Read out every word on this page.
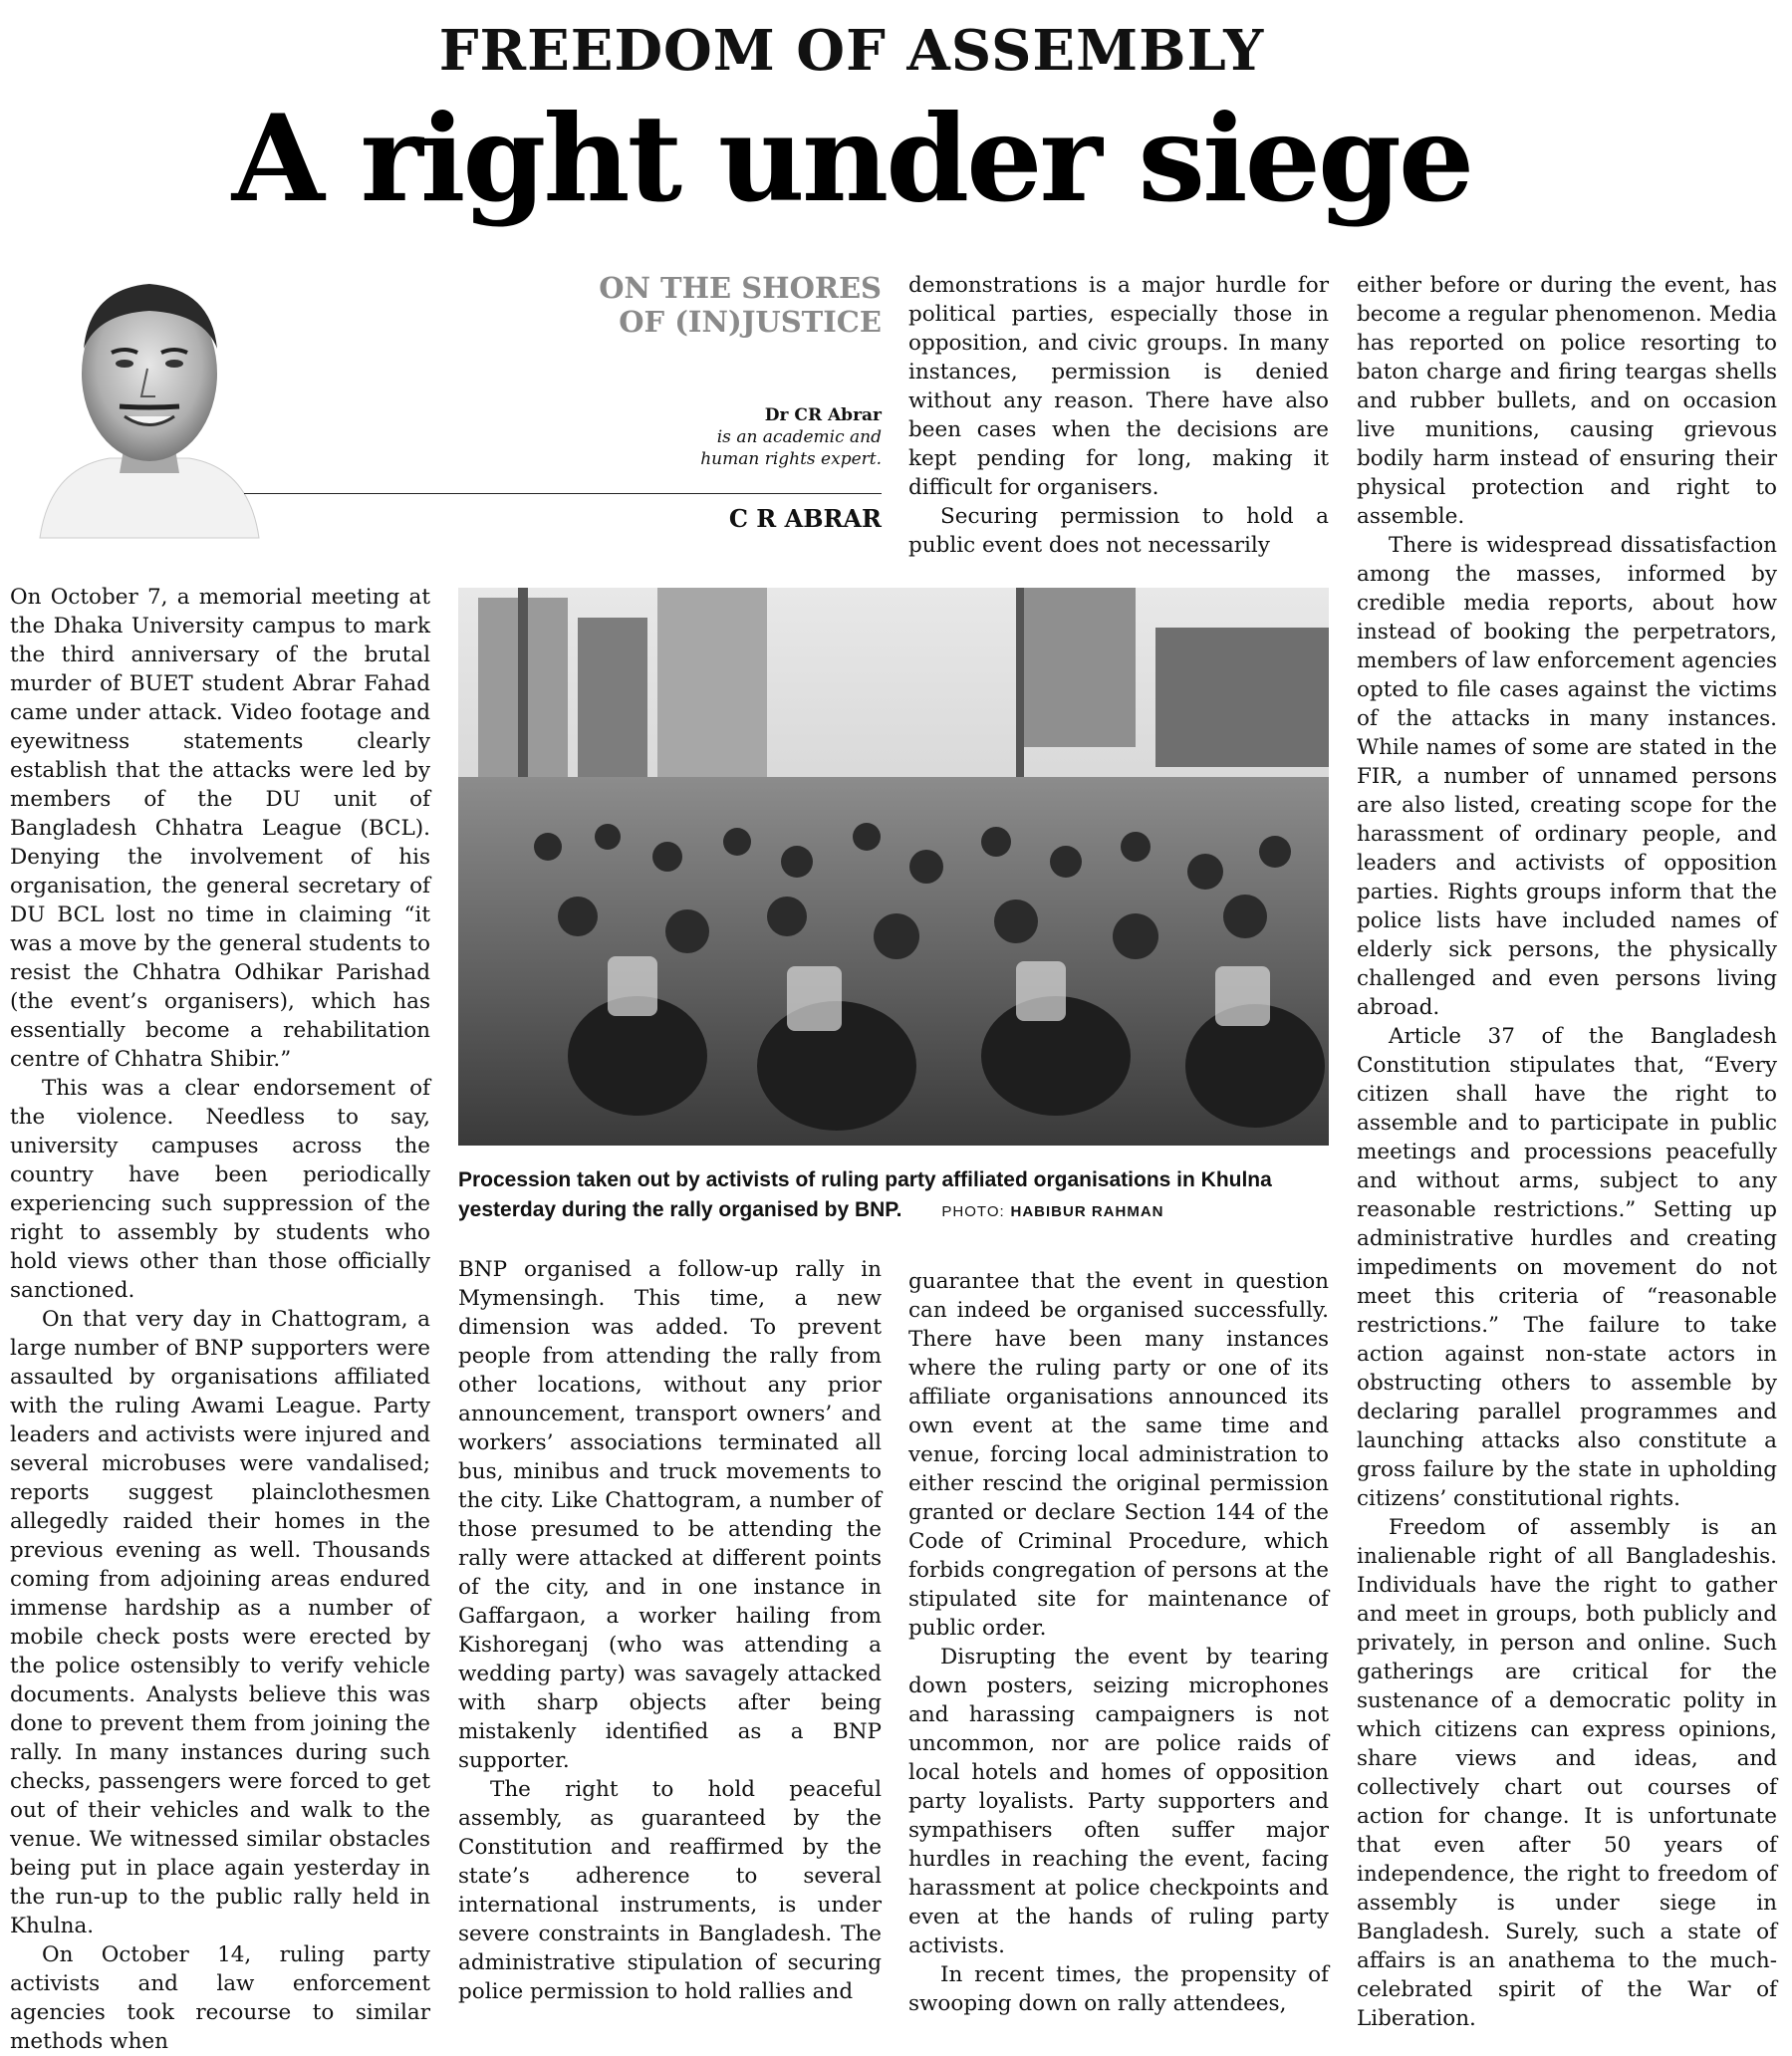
FREEDOM OF ASSEMBLY
A right under siege
ON THE SHORES OF (IN)JUSTICE
Dr CR Abrar
is an academic and
human rights expert.
C R ABRAR

On October 7, a memorial meeting at the Dhaka University campus to mark the third anniversary of the brutal murder of BUET student Abrar Fahad came under attack. Video footage and eyewitness statements clearly establish that the attacks were led by members of the DU unit of Bangladesh Chhatra League (BCL). Denying the involvement of his organisation, the general secretary of DU BCL lost no time in claiming “it was a move by the general students to resist the Chhatra Odhikar Parishad (the event’s organisers), which has essentially become a rehabilitation centre of Chhatra Shibir.”

This was a clear endorsement of the violence. Needless to say, university campuses across the country have been periodically experiencing such suppression of the right to assembly by students who hold views other than those officially sanctioned.

On that very day in Chattogram, a large number of BNP supporters were assaulted by organisations affiliated with the ruling Awami League. Party leaders and activists were injured and several microbuses were vandalised; reports suggest plainclothesmen allegedly raided their homes in the previous evening as well. Thousands coming from adjoining areas endured immense hardship as a number of mobile check posts were erected by the police ostensibly to verify vehicle documents. Analysts believe this was done to prevent them from joining the rally. In many instances during such checks, passengers were forced to get out of their vehicles and walk to the venue. We witnessed similar obstacles being put in place again yesterday in the run-up to the public rally held in Khulna.

On October 14, ruling party activists and law enforcement agencies took recourse to similar methods when

demonstrations is a major hurdle for political parties, especially those in opposition, and civic groups. In many instances, permission is denied without any reason. There have also been cases when the decisions are kept pending for long, making it difficult for organisers.

Securing permission to hold a public event does not necessarily

Procession taken out by activists of ruling party affiliated organisations in Khulna yesterday during the rally organised by BNP.	PHOTO: HABIBUR RAHMAN

BNP organised a follow-up rally in Mymensingh. This time, a new dimension was added. To prevent people from attending the rally from other locations, without any prior announcement, transport owners’ and workers’ associations terminated all bus, minibus and truck movements to the city. Like Chattogram, a number of those presumed to be attending the rally were attacked at different points of the city, and in one instance in Gaffargaon, a worker hailing from Kishoreganj (who was attending a wedding party) was savagely attacked with sharp objects after being mistakenly identified as a BNP supporter.

The right to hold peaceful assembly, as guaranteed by the Constitution and reaffirmed by the state’s adherence to several international instruments, is under severe constraints in Bangladesh. The administrative stipulation of securing police permission to hold rallies and

guarantee that the event in question can indeed be organised successfully. There have been many instances where the ruling party or one of its affiliate organisations announced its own event at the same time and venue, forcing local administration to either rescind the original permission granted or declare Section 144 of the Code of Criminal Procedure, which forbids congregation of persons at the stipulated site for maintenance of public order.

Disrupting the event by tearing down posters, seizing microphones and harassing campaigners is not uncommon, nor are police raids of local hotels and homes of opposition party loyalists. Party supporters and sympathisers often suffer major hurdles in reaching the event, facing harassment at police checkpoints and even at the hands of ruling party activists.

In recent times, the propensity of swooping down on rally attendees,

either before or during the event, has become a regular phenomenon. Media has reported on police resorting to baton charge and firing teargas shells and rubber bullets, and on occasion live munitions, causing grievous bodily harm instead of ensuring their physical protection and right to assemble.

There is widespread dissatisfaction among the masses, informed by credible media reports, about how instead of booking the perpetrators, members of law enforcement agencies opted to file cases against the victims of the attacks in many instances. While names of some are stated in the FIR, a number of unnamed persons are also listed, creating scope for the harassment of ordinary people, and leaders and activists of opposition parties. Rights groups inform that the police lists have included names of elderly sick persons, the physically challenged and even persons living abroad.

Article 37 of the Bangladesh Constitution stipulates that, “Every citizen shall have the right to assemble and to participate in public meetings and processions peacefully and without arms, subject to any reasonable restrictions.” Setting up administrative hurdles and creating impediments on movement do not meet this criteria of “reasonable restrictions.” The failure to take action against non-state actors in obstructing others to assemble by declaring parallel programmes and launching attacks also constitute a gross failure by the state in upholding citizens’ constitutional rights.

Freedom of assembly is an inalienable right of all Bangladeshis. Individuals have the right to gather and meet in groups, both publicly and privately, in person and online. Such gatherings are critical for the sustenance of a democratic polity in which citizens can express opinions, share views and ideas, and collectively chart out courses of action for change. It is unfortunate that even after 50 years of independence, the right to freedom of assembly is under siege in Bangladesh. Surely, such a state of affairs is an anathema to the much-celebrated spirit of the War of Liberation.
